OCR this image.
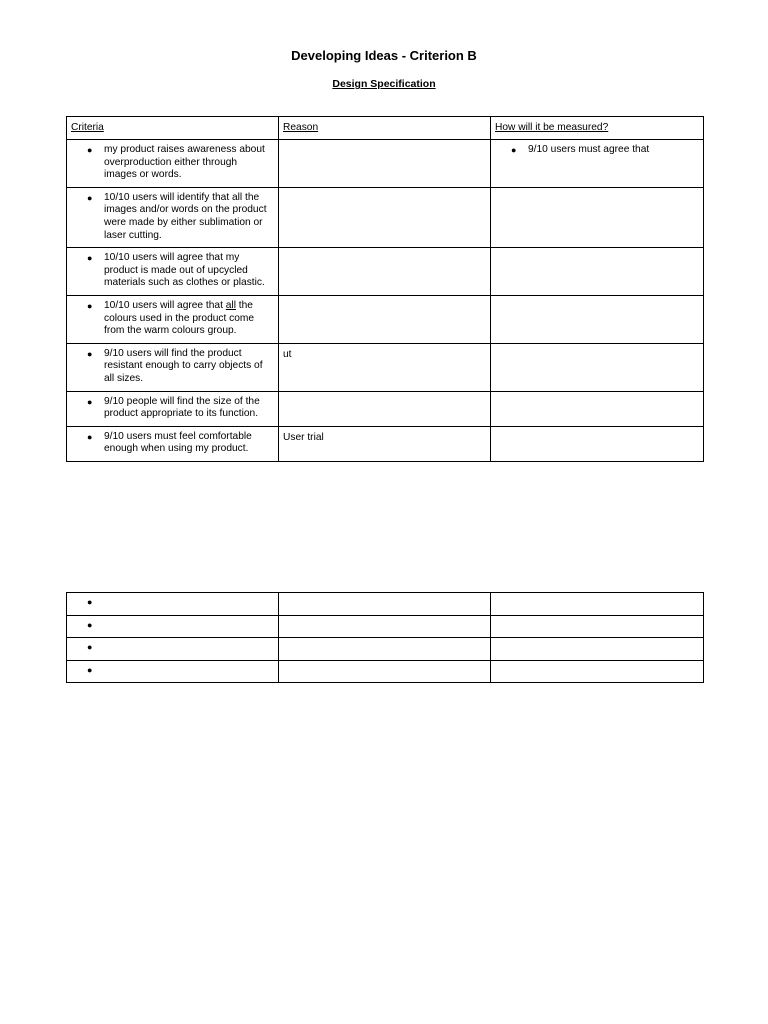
Developing Ideas - Criterion B
Design Specification
Criteria	Reason	How will it be measured?

● my product raises awareness about overproduction either through images or words.		● 9/10 users must agree that

● 10/10 users will identify that all the images and/or words on the product were made by either sublimation or laser cutting.		

● 10/10 users will agree that my product is made out of upcycled materials such as clothes or plastic.		

● 10/10 users will agree that all the colours used in the product come from the warm colours group.		

● 9/10 users will find the product resistant enough to carry objects of all sizes.	ut	

● 9/10 people will find the size of the product appropriate to its function.		

● 9/10 users must feel comfortable enough when using my product.	User trial	

●		

●		

●		

●		
